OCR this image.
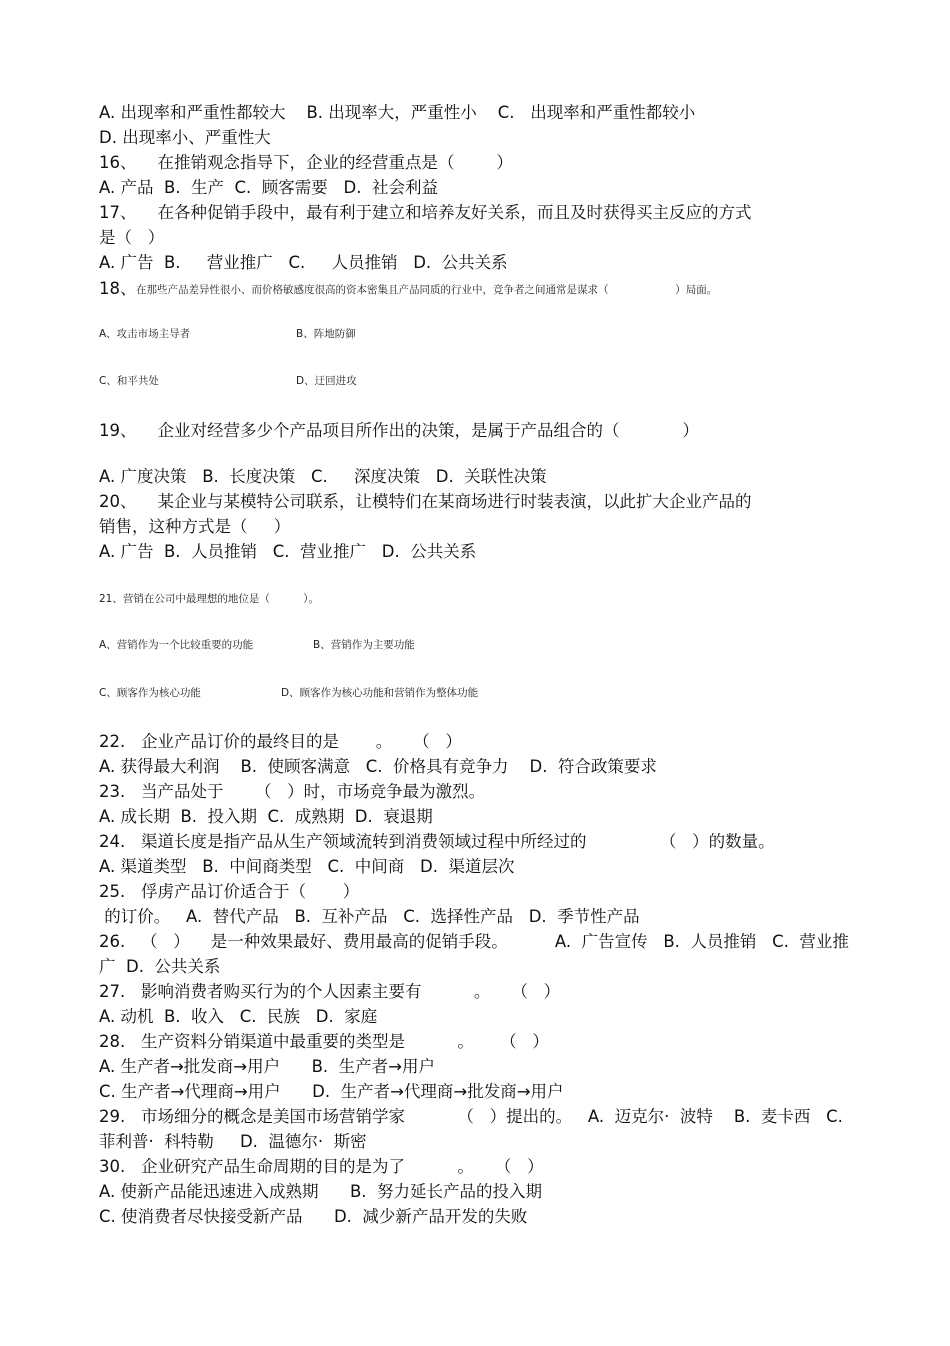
A. 出现率和严重性都较大    B. 出现率大，严重性小    C.   出现率和严重性都较小
D. 出现率小、严重性大
16、    在推销观念指导下，企业的经营重点是（        ）
A. 产品  B.  生产  C.  顾客需要   D.  社会利益
17、    在各种促销手段中，最有利于建立和培养友好关系，而且及时获得买主反应的方式
是（   ）
A. 广告  B.     营业推广   C.     人员推销   D.  公共关系
18、 在那些产品差异性很小、而价格敏感度很高的资本密集且产品同质的行业中，竞争者之间通常是谋求（                    ）局面。
A、攻击市场主导者	B、阵地防御
C、和平共处	D、迂回进攻
19、    企业对经营多少个产品项目所作出的决策，是属于产品组合的（            ）
A. 广度决策   B.  长度决策   C.     深度决策   D.  关联性决策
20、    某企业与某模特公司联系，让模特们在某商场进行时装表演，以此扩大企业产品的
销售，这种方式是（     ）
A. 广告  B.  人员推销   C.  营业推广   D.  公共关系
21、营销在公司中最理想的地位是（          ）。
A、营销作为一个比较重要的功能	B、营销作为主要功能
C、顾客作为核心功能	D、顾客作为核心功能和营销作为整体功能
22.   企业产品订价的最终目的是       。    （   ）
A. 获得最大利润    B.  使顾客满意   C.  价格具有竞争力    D.  符合政策要求
23.   当产品处于      （   ）时，市场竞争最为激烈。
A. 成长期  B.  投入期  C.  成熟期  D.  衰退期
24.   渠道长度是指产品从生产领域流转到消费领域过程中所经过的              （   ）的数量。
A. 渠道类型   B.  中间商类型   C.  中间商   D.  渠道层次
25.   俘虏产品订价适合于（       ）
的订价。   A.  替代产品   B.  互补产品   C.  选择性产品   D.  季节性产品
26.   （   ）    是一种效果最好、费用最高的促销手段。         A.  广告宣传   B.  人员推销   C.  营业推
广  D.  公共关系
27.   影响消费者购买行为的个人因素主要有          。    （   ）
A. 动机  B.  收入   C.  民族   D.  家庭
28.   生产资料分销渠道中最重要的类型是          。     （   ）
A. 生产者→批发商→用户      B.  生产者→用户
C. 生产者→代理商→用户      D.  生产者→代理商→批发商→用户
29.   市场细分的概念是美国市场营销学家          （   ）提出的。   A.  迈克尔·  波特    B.  麦卡西   C.
菲利普·  科特勒     D.  温德尔·  斯密
30.   企业研究产品生命周期的目的是为了          。    （   ）
A. 使新产品能迅速进入成熟期      B.  努力延长产品的投入期
C. 使消费者尽快接受新产品      D.  减少新产品开发的失败
